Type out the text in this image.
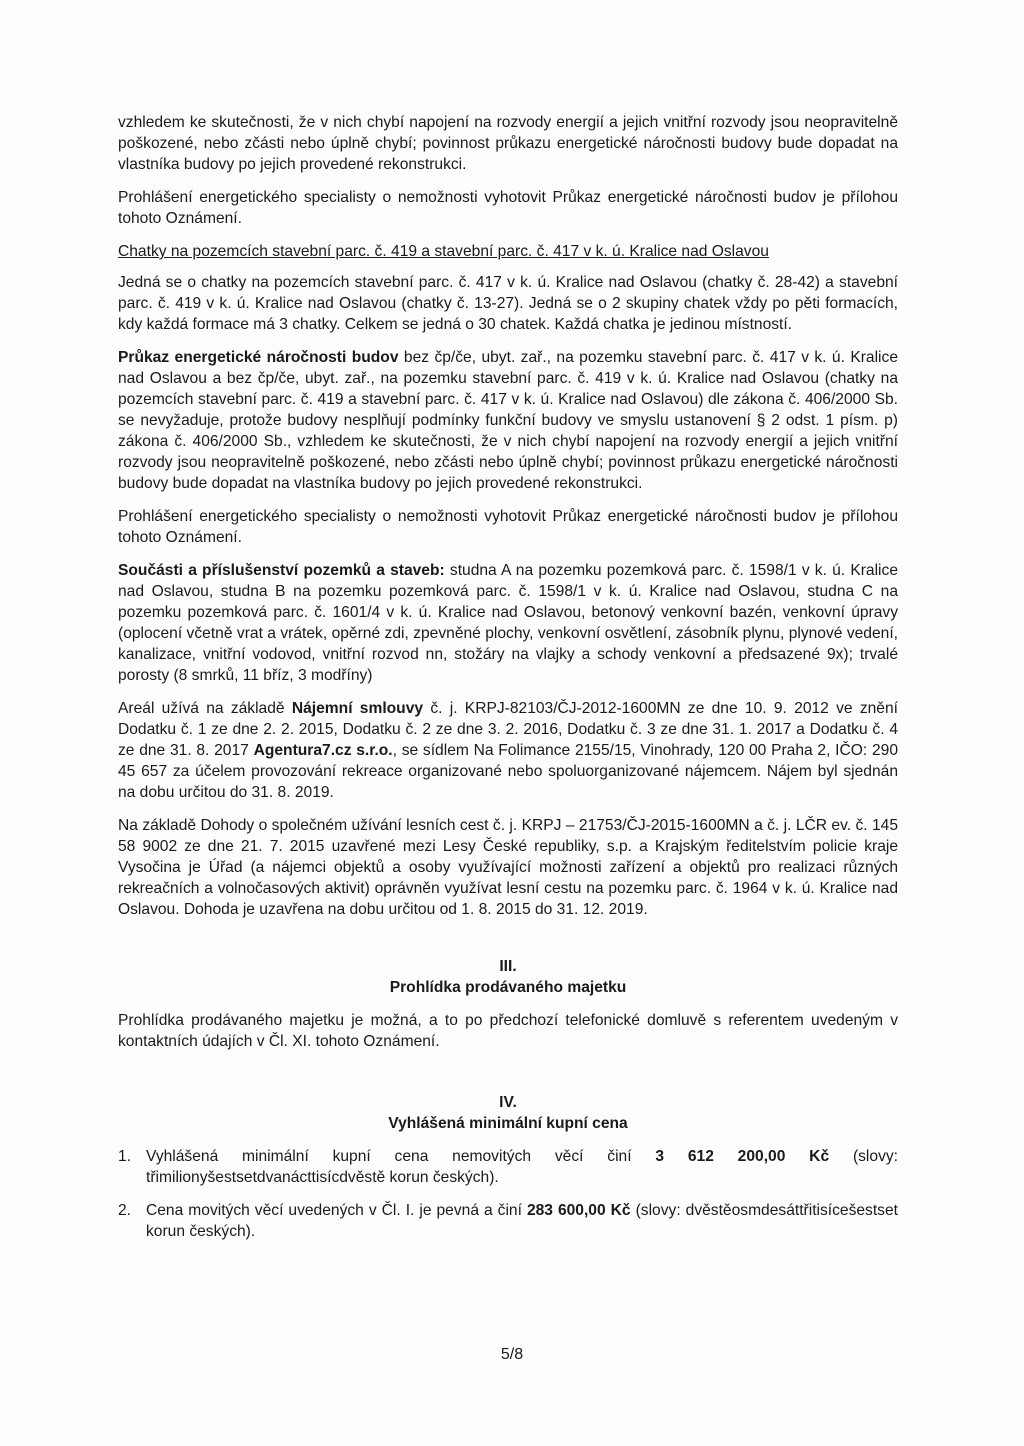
vzhledem ke skutečnosti, že v nich chybí napojení na rozvody energií a jejich vnitřní rozvody jsou neopravitelně poškozené, nebo zčásti nebo úplně chybí; povinnost průkazu energetické náročnosti budovy bude dopadat na vlastníka budovy po jejich provedené rekonstrukci.

Prohlášení energetického specialisty o nemožnosti vyhotovit Průkaz energetické náročnosti budov je přílohou tohoto Oznámení.

Chatky na pozemcích stavební parc. č. 419 a stavební parc. č. 417 v k. ú. Kralice nad Oslavou

Jedná se o chatky na pozemcích stavební parc. č. 417 v k. ú. Kralice nad Oslavou (chatky č. 28-42) a stavební parc. č. 419 v k. ú. Kralice nad Oslavou (chatky č. 13-27). Jedná se o 2 skupiny chatek vždy po pěti formacích, kdy každá formace má 3 chatky. Celkem se jedná o 30 chatek. Každá chatka je jedinou místností.

Průkaz energetické náročnosti budov bez čp/če, ubyt. zař., na pozemku stavební parc. č. 417 v k. ú. Kralice nad Oslavou a bez čp/če, ubyt. zař., na pozemku stavební parc. č. 419 v k. ú. Kralice nad Oslavou (chatky na pozemcích stavební parc. č. 419 a stavební parc. č. 417 v k. ú. Kralice nad Oslavou) dle zákona č. 406/2000 Sb. se nevyžaduje, protože budovy nesplňují podmínky funkční budovy ve smyslu ustanovení § 2 odst. 1 písm. p) zákona č. 406/2000 Sb., vzhledem ke skutečnosti, že v nich chybí napojení na rozvody energií a jejich vnitřní rozvody jsou neopravitelně poškozené, nebo zčásti nebo úplně chybí; povinnost průkazu energetické náročnosti budovy bude dopadat na vlastníka budovy po jejich provedené rekonstrukci.

Prohlášení energetického specialisty o nemožnosti vyhotovit Průkaz energetické náročnosti budov je přílohou tohoto Oznámení.

Součásti a příslušenství pozemků a staveb: studna A na pozemku pozemková parc. č. 1598/1 v k. ú. Kralice nad Oslavou, studna B na pozemku pozemková parc. č. 1598/1 v k. ú. Kralice nad Oslavou, studna C na pozemku pozemková parc. č. 1601/4 v k. ú. Kralice nad Oslavou, betonový venkovní bazén, venkovní úpravy (oplocení včetně vrat a vrátek, opěrné zdi, zpevněné plochy, venkovní osvětlení, zásobník plynu, plynové vedení, kanalizace, vnitřní vodovod, vnitřní rozvod nn, stožáry na vlajky a schody venkovní a předsazené 9x); trvalé porosty (8 smrků, 11 bříz, 3 modříny)

Areál užívá na základě Nájemní smlouvy č. j. KRPJ-82103/ČJ-2012-1600MN ze dne 10. 9. 2012 ve znění Dodatku č. 1 ze dne 2. 2. 2015, Dodatku č. 2 ze dne 3. 2. 2016, Dodatku č. 3 ze dne 31. 1. 2017 a Dodatku č. 4 ze dne 31. 8. 2017 Agentura7.cz s.r.o., se sídlem Na Folimance 2155/15, Vinohrady, 120 00 Praha 2, IČO: 290 45 657 za účelem provozování rekreace organizované nebo spoluorganizované nájemcem. Nájem byl sjednán na dobu určitou do 31. 8. 2019.

Na základě Dohody o společném užívání lesních cest č. j. KRPJ – 21753/ČJ-2015-1600MN a č. j. LČR ev. č. 145 58 9002 ze dne 21. 7. 2015 uzavřené mezi Lesy České republiky, s.p. a Krajským ředitelstvím policie kraje Vysočina je Úřad (a nájemci objektů a osoby využívající možnosti zařízení a objektů pro realizaci různých rekreačních a volnočasových aktivit) oprávněn využívat lesní cestu na pozemku parc. č. 1964 v k. ú. Kralice nad Oslavou. Dohoda je uzavřena na dobu určitou od 1. 8. 2015 do 31. 12. 2019.

III.
Prohlídka prodávaného majetku

Prohlídka prodávaného majetku je možná, a to po předchozí telefonické domluvě s referentem uvedeným v kontaktních údajích v Čl. XI. tohoto Oznámení.

IV.
Vyhlášená minimální kupní cena
1. Vyhlášená minimální kupní cena nemovitých věcí činí 3 612 200,00 Kč (slovy: třimilionyšestsetdvanácttisícdvěstě korun českých).
2. Cena movitých věcí uvedených v Čl. I. je pevná a činí 283 600,00 Kč (slovy: dvěstěosmdesáttřitisícešestset korun českých).
5/8
